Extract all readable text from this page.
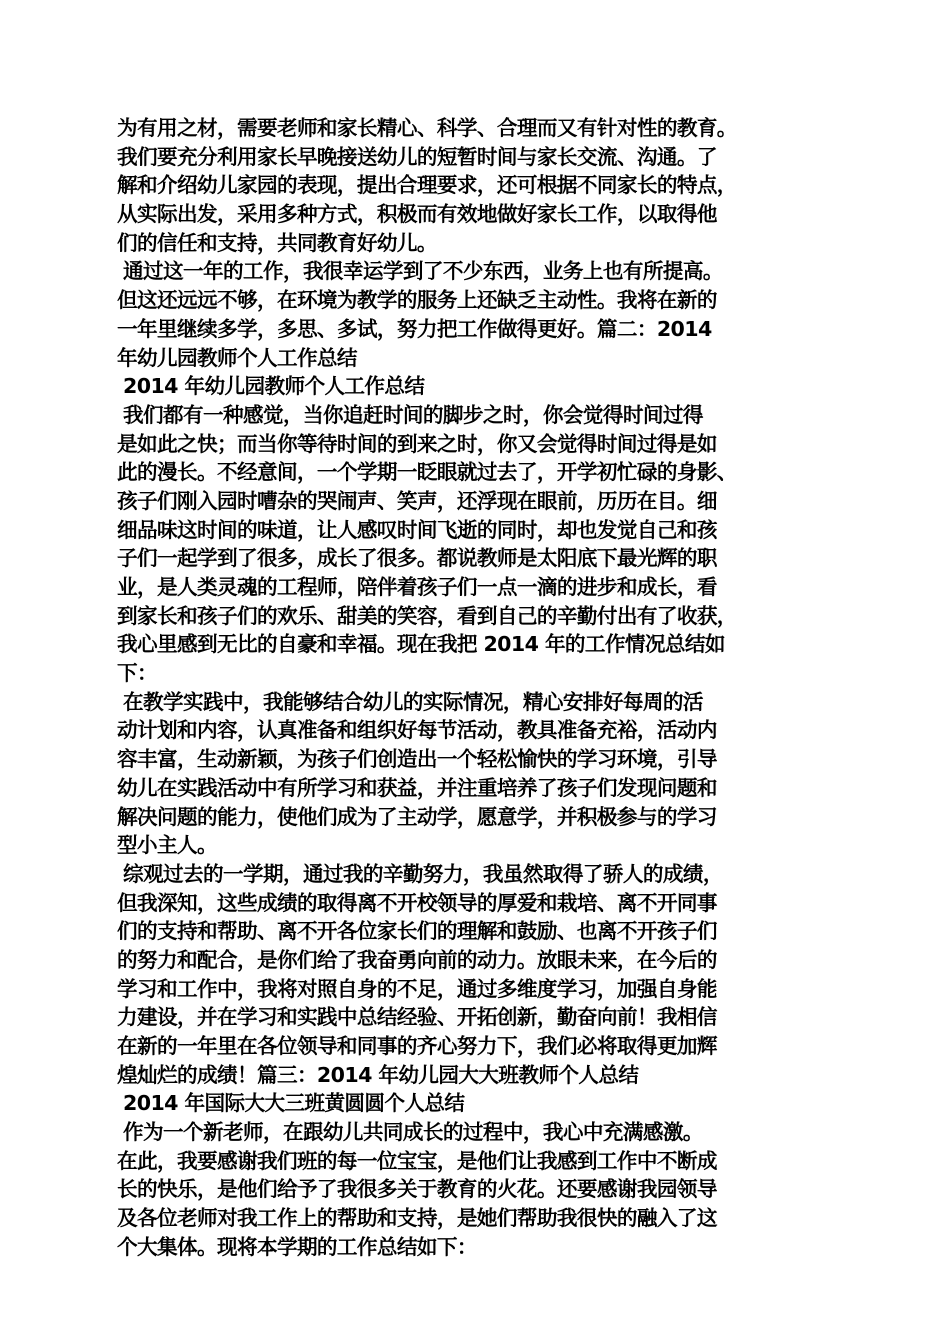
为有用之材，需要老师和家长精心、科学、合理而又有针对性的教育。
我们要充分利用家长早晚接送幼儿的短暂时间与家长交流、沟通。了
解和介绍幼儿家园的表现，提出合理要求，还可根据不同家长的特点，
从实际出发，采用多种方式，积极而有效地做好家长工作，以取得他
们的信任和支持，共同教育好幼儿。
通过这一年的工作，我很幸运学到了不少东西，业务上也有所提高。
但这还远远不够，在环境为教学的服务上还缺乏主动性。我将在新的
一年里继续多学，多思、多试，努力把工作做得更好。篇二：2014
年幼儿园教师个人工作总结
2014 年幼儿园教师个人工作总结
我们都有一种感觉，当你追赶时间的脚步之时，你会觉得时间过得
是如此之快；而当你等待时间的到来之时，你又会觉得时间过得是如
此的漫长。不经意间，一个学期一眨眼就过去了，开学初忙碌的身影、
孩子们刚入园时嘈杂的哭闹声、笑声，还浮现在眼前，历历在目。细
细品味这时间的味道，让人感叹时间飞逝的同时，却也发觉自己和孩
子们一起学到了很多，成长了很多。都说教师是太阳底下最光辉的职
业，是人类灵魂的工程师，陪伴着孩子们一点一滴的进步和成长，看
到家长和孩子们的欢乐、甜美的笑容，看到自己的辛勤付出有了收获，
我心里感到无比的自豪和幸福。现在我把 2014 年的工作情况总结如
下：
在教学实践中，我能够结合幼儿的实际情况，精心安排好每周的活
动计划和内容，认真准备和组织好每节活动，教具准备充裕，活动内
容丰富，生动新颖，为孩子们创造出一个轻松愉快的学习环境，引导
幼儿在实践活动中有所学习和获益，并注重培养了孩子们发现问题和
解决问题的能力，使他们成为了主动学，愿意学，并积极参与的学习
型小主人。
综观过去的一学期，通过我的辛勤努力，我虽然取得了骄人的成绩，
但我深知，这些成绩的取得离不开校领导的厚爱和栽培、离不开同事
们的支持和帮助、离不开各位家长们的理解和鼓励、也离不开孩子们
的努力和配合，是你们给了我奋勇向前的动力。放眼未来，在今后的
学习和工作中，我将对照自身的不足，通过多维度学习，加强自身能
力建设，并在学习和实践中总结经验、开拓创新，勤奋向前！我相信
在新的一年里在各位领导和同事的齐心努力下，我们必将取得更加辉
煌灿烂的成绩！篇三：2014 年幼儿园大大班教师个人总结
2014 年国际大大三班黄圆圆个人总结
作为一个新老师，在跟幼儿共同成长的过程中，我心中充满感激。
在此，我要感谢我们班的每一位宝宝，是他们让我感到工作中不断成
长的快乐，是他们给予了我很多关于教育的火花。还要感谢我园领导
及各位老师对我工作上的帮助和支持，是她们帮助我很快的融入了这
个大集体。现将本学期的工作总结如下：
